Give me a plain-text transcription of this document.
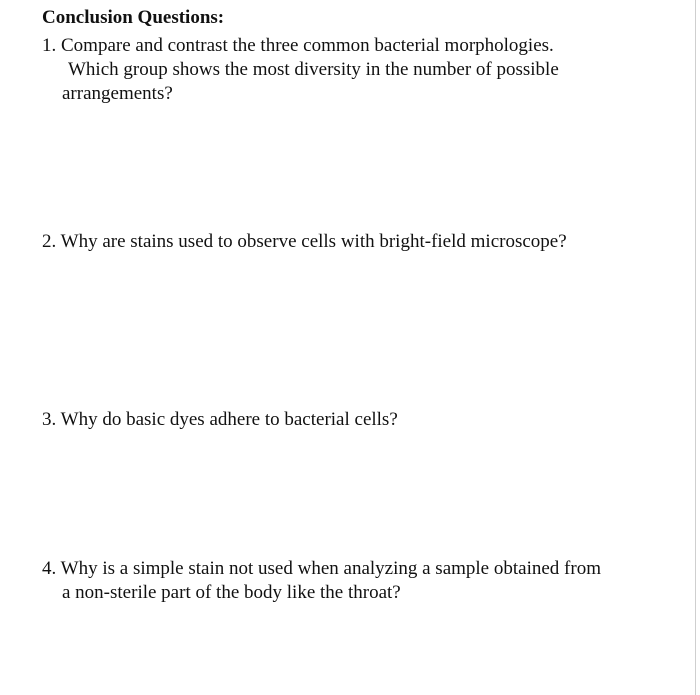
Conclusion Questions:
1. Compare and contrast the three common bacterial morphologies.
Which group shows the most diversity in the number of possible
arrangements?
2. Why are stains used to observe cells with bright-field microscope?
3. Why do basic dyes adhere to bacterial cells?
4. Why is a simple stain not used when analyzing a sample obtained from
a non-sterile part of the body like the throat?
